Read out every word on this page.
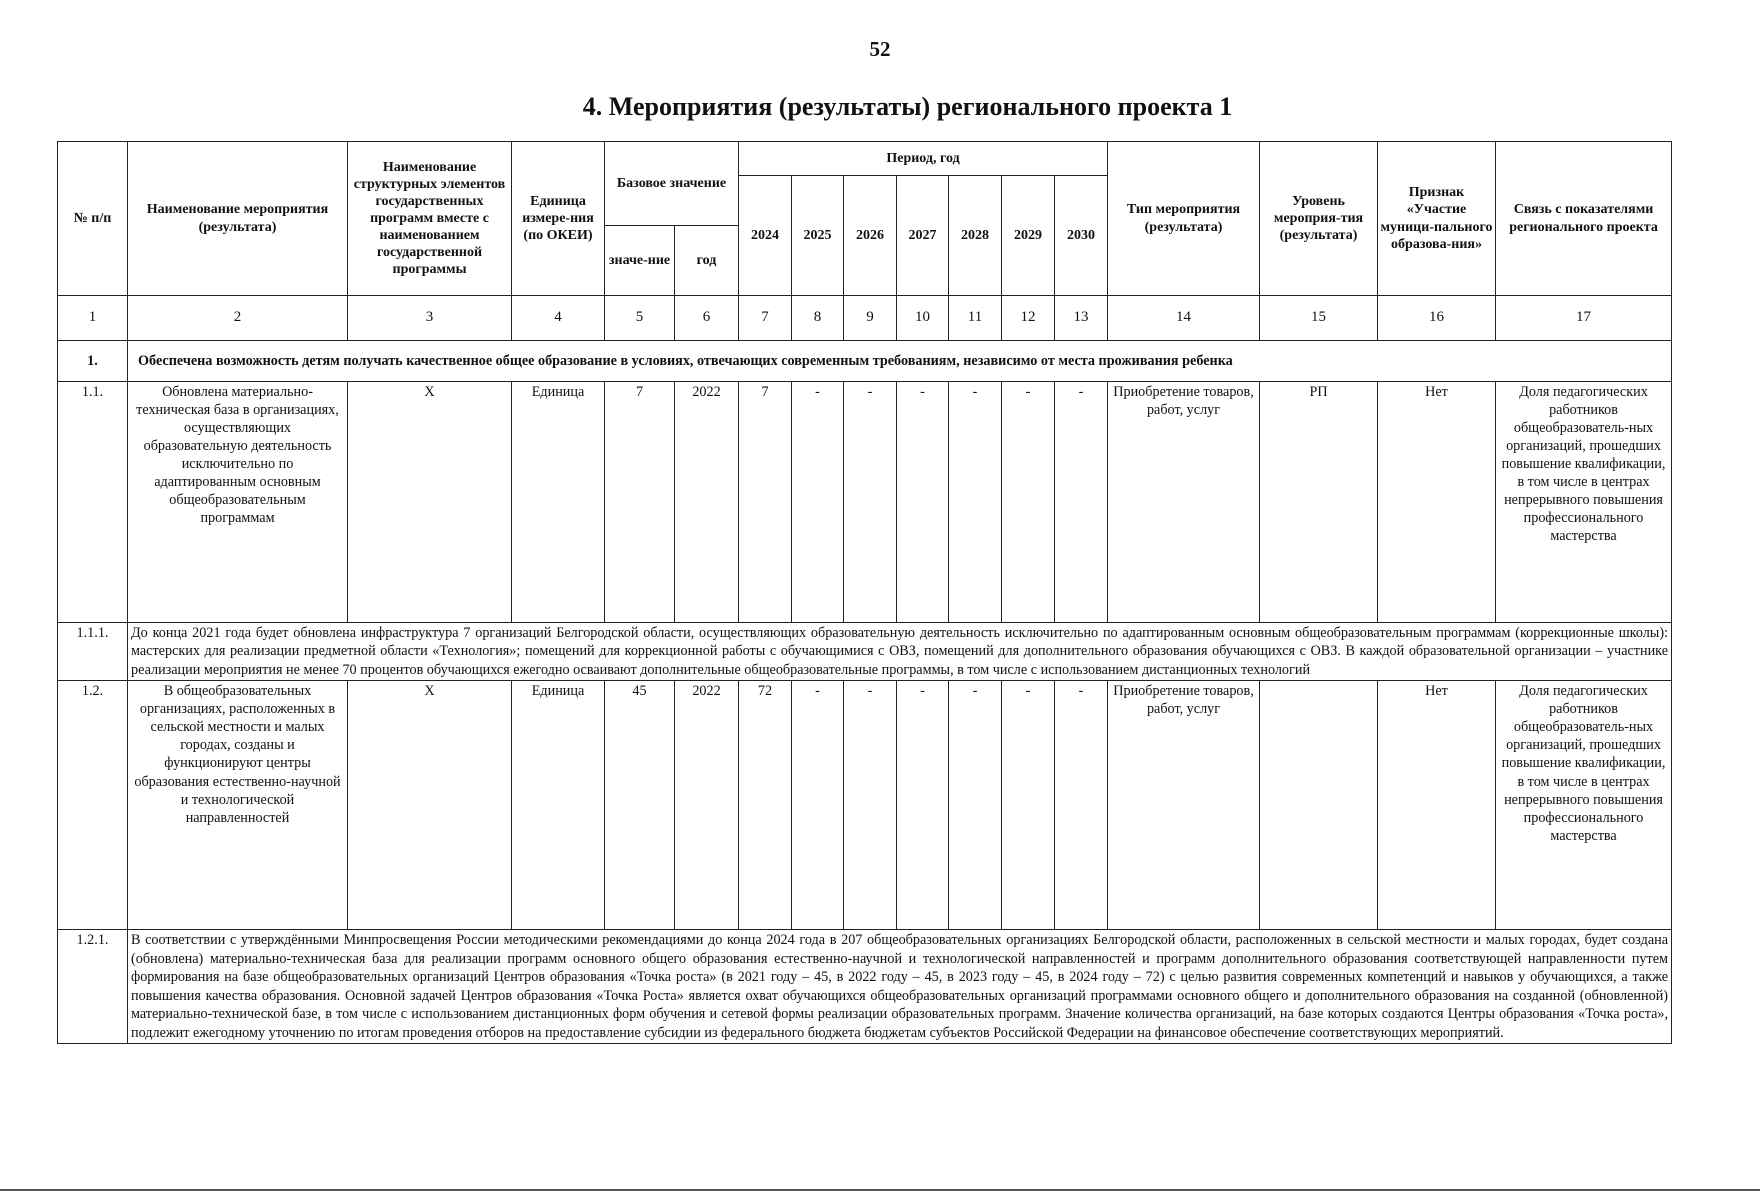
52
4. Мероприятия (результаты) регионального проекта 1
№ п/п	Наименование мероприятия (результата)	Наименование структурных элементов государственных программ вместе с наименованием государственной программы	Единица измере-ния (по ОКЕИ)	Базовое значение		Период, год							Тип мероприятия (результата)	Уровень мероприя-тия (результата)	Признак «Участие муници-пального образова-ния»	Связь с показателями регионального проекта
						2024	2025	2026	2027	2028	2029	2030				
				значе-ние	год											
1	2	3	4	5	6	7	8	9	10	11	12	13	14	15	16	17
1.	Обеспечена возможность детям получать качественное общее образование в условиях, отвечающих современным требованиям, независимо от места проживания ребенка															
1.1.	Обновлена материально-техническая база в организациях, осуществляющих образовательную деятельность исключительно по адаптированным основным общеобразовательным программам	Х	Единица	7	2022	7	-	-	-	-	-	-	Приобретение товаров, работ, услуг	РП	Нет	Доля педагогических работников общеобразователь-ных организаций, прошедших повышение квалификации, в том числе в центрах непрерывного повышения профессионального мастерства
1.1.1.	До конца 2021 года будет обновлена инфраструктура 7 организаций Белгородской области, осуществляющих образовательную деятельность исключительно по адаптированным основным общеобразовательным программам (коррекционные школы): мастерских для реализации предметной области «Технология»; помещений для коррекционной работы с обучающимися с ОВЗ, помещений для дополнительного образования обучающихся с ОВЗ. В каждой образовательной организации – участнике реализации мероприятия не менее 70 процентов обучающихся ежегодно осваивают дополнительные общеобразовательные программы, в том числе с использованием дистанционных технологий															
1.2.	В общеобразовательных организациях, расположенных в сельской местности и малых городах, созданы и функционируют центры образования естественно-научной и технологической направленностей	Х	Единица	45	2022	72	-	-	-	-	-	-	Приобретение товаров, работ, услуг		Нет	Доля педагогических работников общеобразователь-ных организаций, прошедших повышение квалификации, в том числе в центрах непрерывного повышения профессионального мастерства
1.2.1.	В соответствии с утверждёнными Минпросвещения России методическими рекомендациями до конца 2024 года в 207 общеобразовательных организациях Белгородской области, расположенных в сельской местности и малых городах, будет создана (обновлена) материально-техническая база для реализации программ основного общего образования естественно-научной и технологической направленностей и программ дополнительного образования соответствующей направленности путем формирования на базе общеобразовательных организаций Центров образования «Точка роста» (в 2021 году – 45, в 2022 году – 45, в 2023 году – 45, в 2024 году – 72) с целью развития современных компетенций и навыков у обучающихся, а также повышения качества образования. Основной задачей Центров образования «Точка Роста» является охват обучающихся общеобразовательных организаций программами основного общего и дополнительного образования на созданной (обновленной) материально-технической базе, в том числе с использованием дистанционных форм обучения и сетевой формы реализации образовательных программ. Значение количества организаций, на базе которых создаются Центры образования «Точка роста», подлежит ежегодному уточнению по итогам проведения отборов на предоставление субсидии из федерального бюджета бюджетам субъектов Российской Федерации на финансовое обеспечение соответствующих мероприятий.															
